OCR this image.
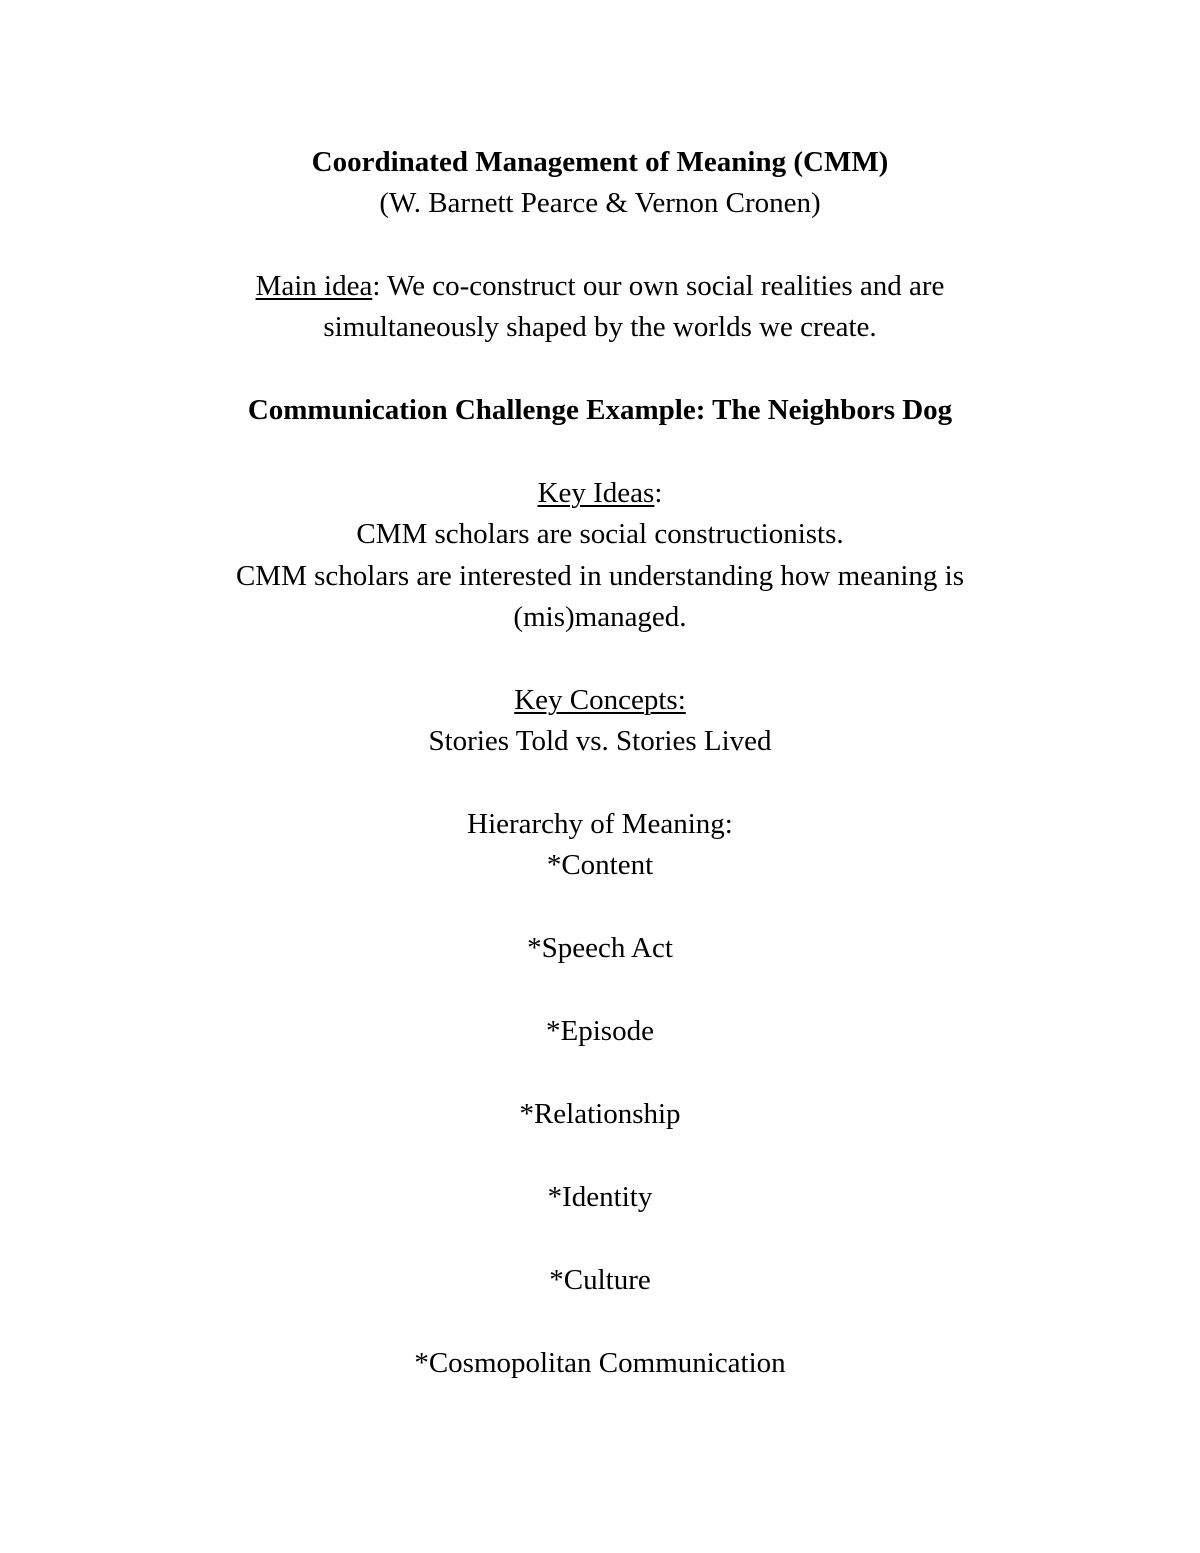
Coordinated Management of Meaning (CMM)
(W. Barnett Pearce & Vernon Cronen)
Main idea: We co-construct our own social realities and are
simultaneously shaped by the worlds we create.
Communication Challenge Example: The Neighbors Dog
Key Ideas:
CMM scholars are social constructionists.
CMM scholars are interested in understanding how meaning is
(mis)managed.
Key Concepts:
Stories Told vs. Stories Lived
Hierarchy of Meaning:
*Content
*Speech Act
*Episode
*Relationship
*Identity
*Culture
*Cosmopolitan Communication
